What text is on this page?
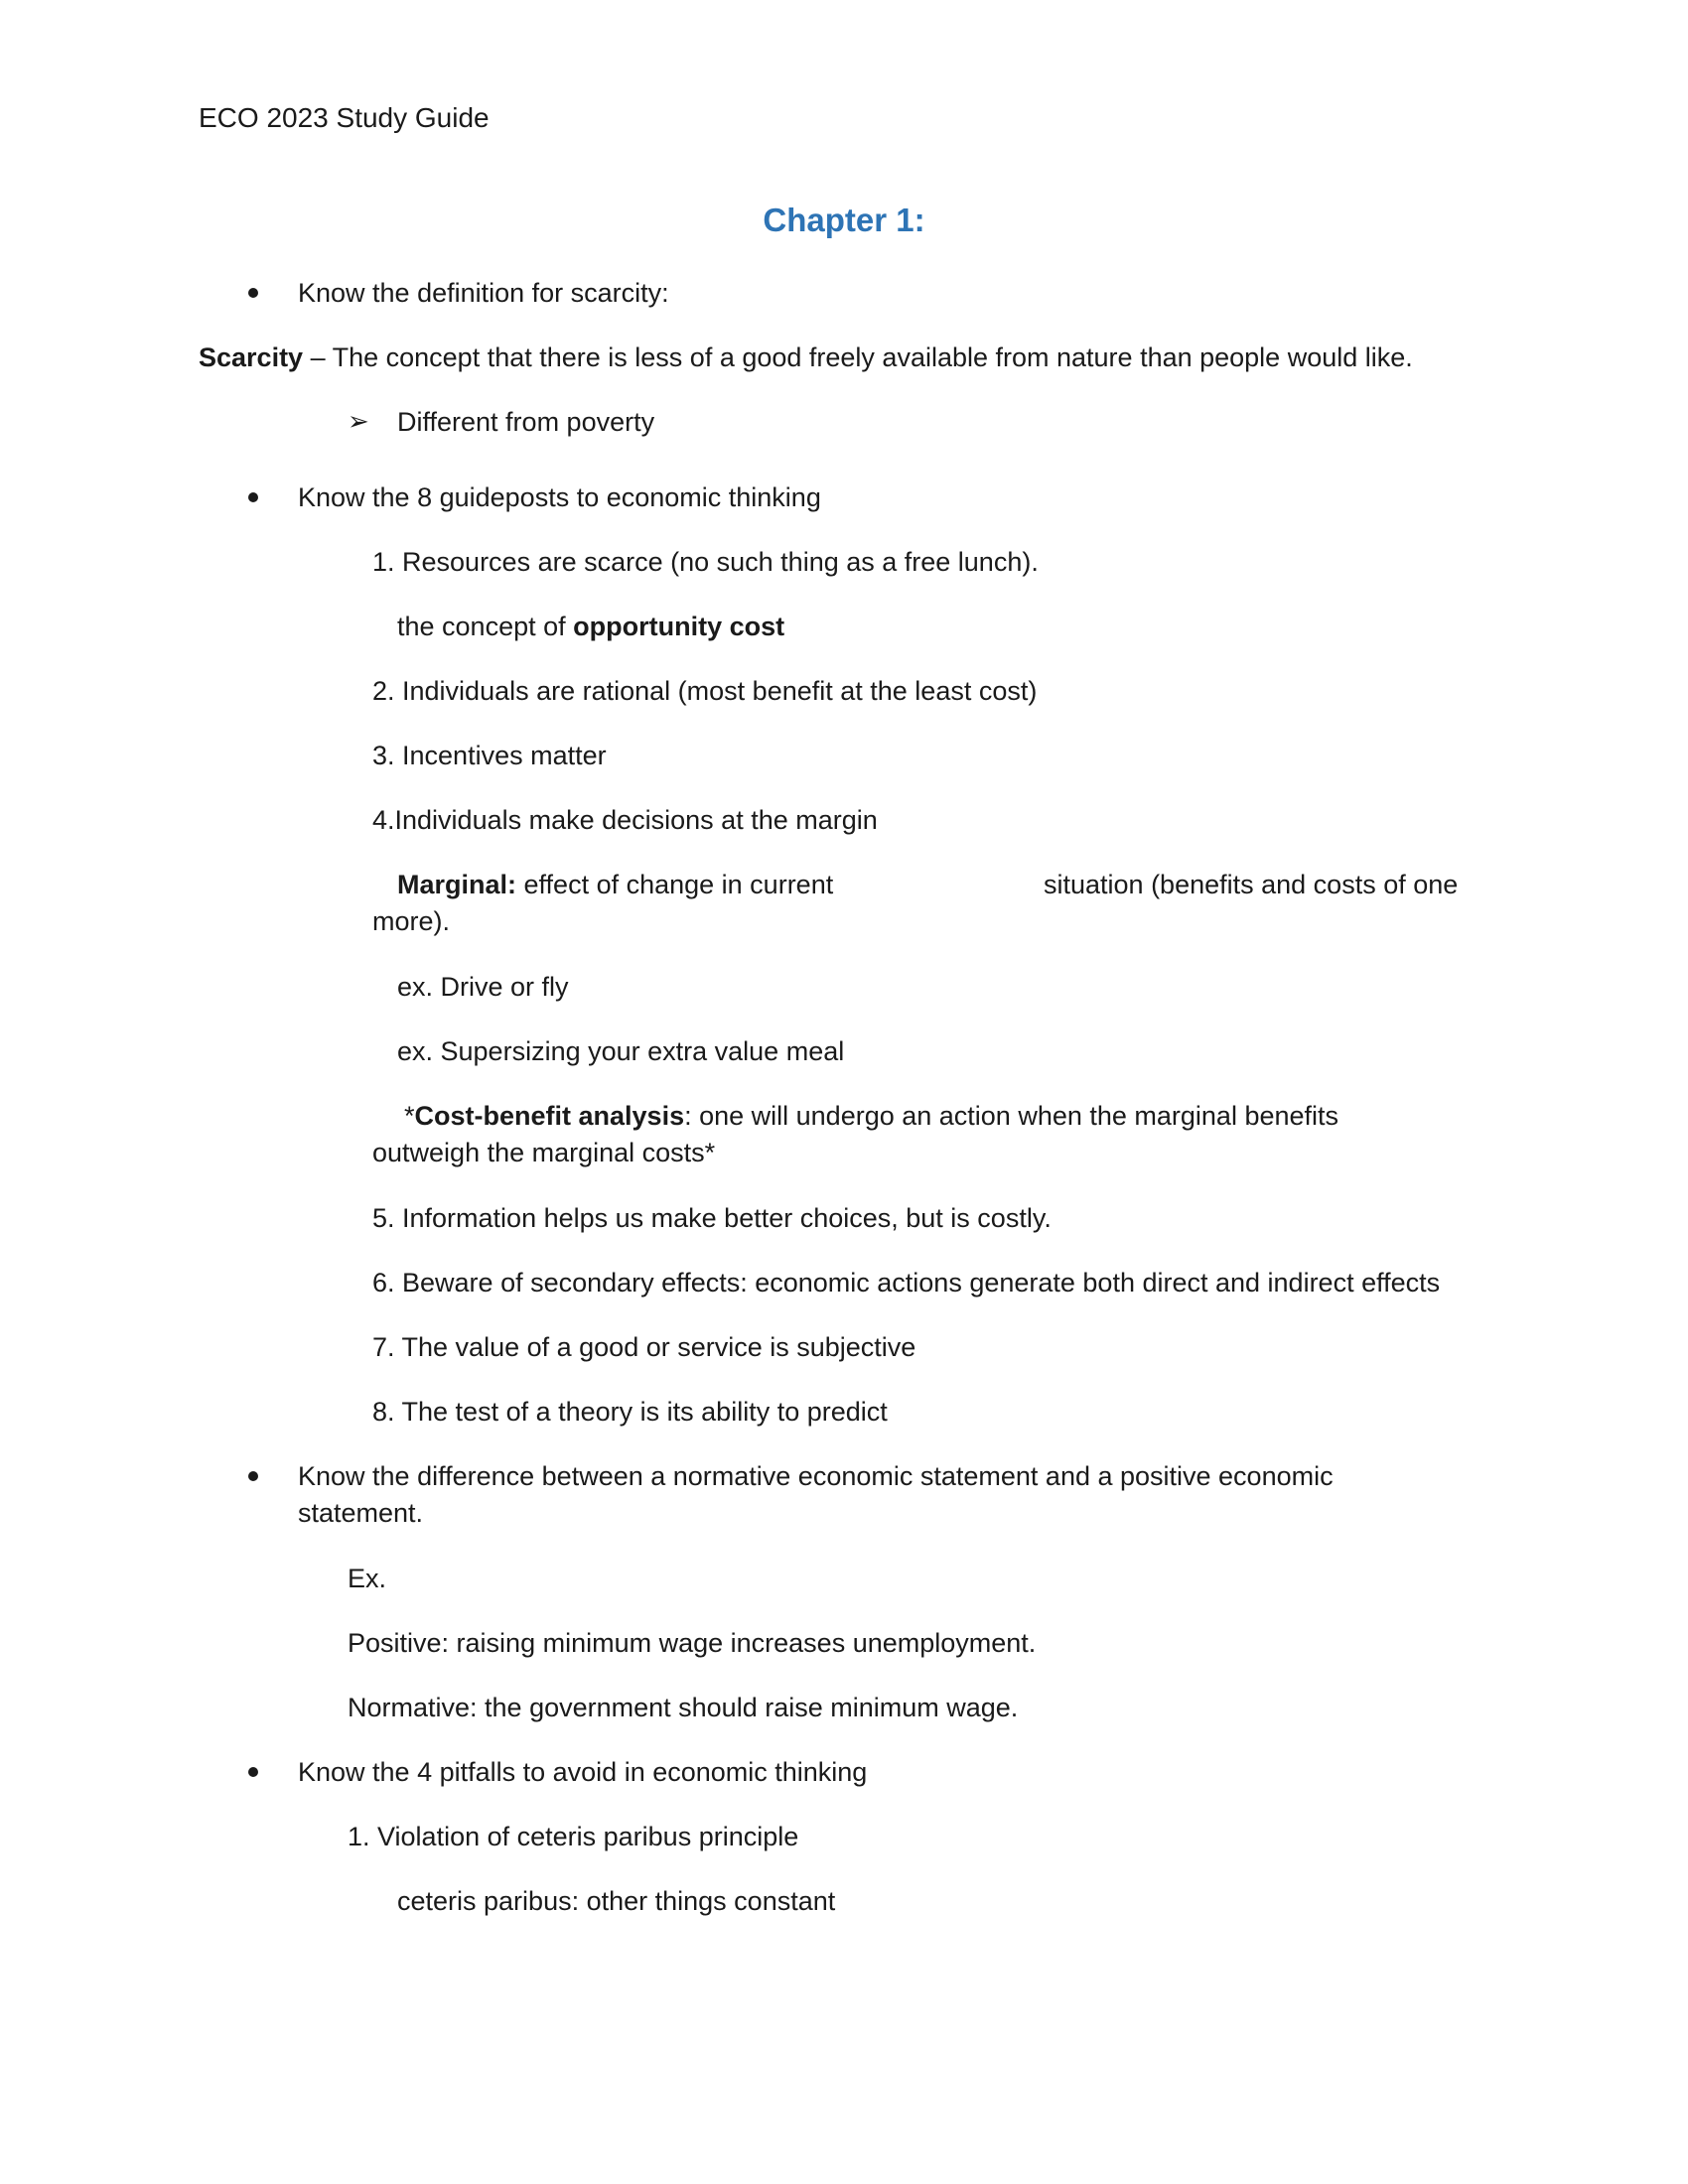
ECO 2023 Study Guide
Chapter 1:
Know the definition for scarcity:
Scarcity – The concept that there is less of a good freely available from nature than people would like.
➢ Different from poverty
Know the 8 guideposts to economic thinking
1. Resources are scarce (no such thing as a free lunch).
the concept of opportunity cost
2. Individuals are rational (most benefit at the least cost)
3. Incentives matter
4.Individuals make decisions at the margin
Marginal: effect of change in current	situation (benefits and costs of one
more).
ex. Drive or fly
ex. Supersizing your extra value meal
*Cost-benefit analysis: one will undergo an action when the marginal benefits
outweigh the marginal costs*
5. Information helps us make better choices, but is costly.
6. Beware of secondary effects: economic actions generate both direct and indirect effects
7. The value of a good or service is subjective
8. The test of a theory is its ability to predict
Know the difference between a normative economic statement and a positive economic
statement.
Ex.
Positive: raising minimum wage increases unemployment.
Normative: the government should raise minimum wage.
Know the 4 pitfalls to avoid in economic thinking
1. Violation of ceteris paribus principle
ceteris paribus: other things constant
